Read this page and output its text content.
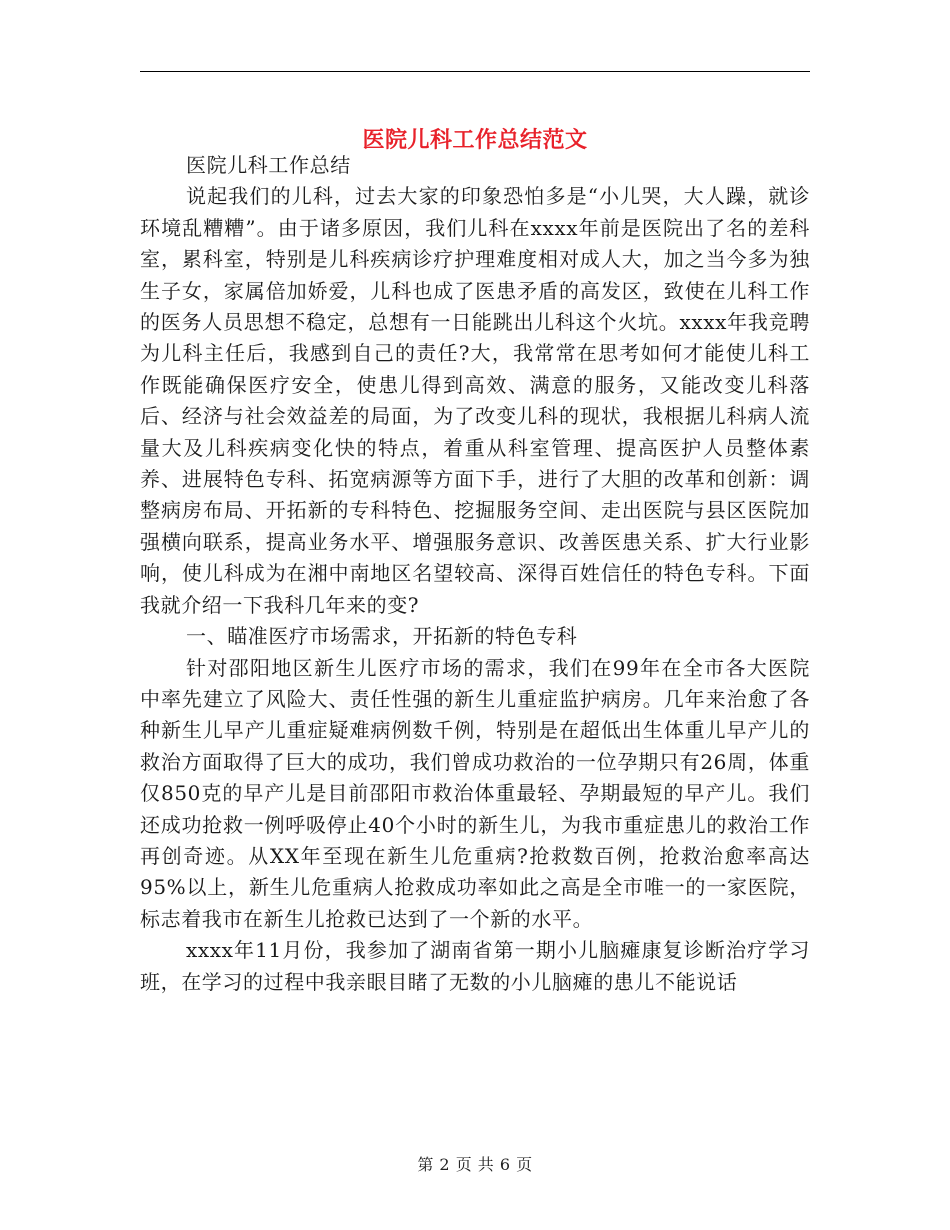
医院儿科工作总结范文

医院儿科工作总结

说起我们的儿科，过去大家的印象恐怕多是“小儿哭，大人躁，就诊环境乱糟糟”。由于诸多原因，我们儿科在xxxx年前是医院出了名的差科室，累科室，特别是儿科疾病诊疗护理难度相对成人大，加之当今多为独生子女，家属倍加娇爱，儿科也成了医患矛盾的高发区，致使在儿科工作的医务人员思想不稳定，总想有一日能跳出儿科这个火坑。xxxx年我竞聘为儿科主任后，我感到自己的责任?大，我常常在思考如何才能使儿科工作既能确保医疗安全，使患儿得到高效、满意的服务，又能改变儿科落后、经济与社会效益差的局面，为了改变儿科的现状，我根据儿科病人流量大及儿科疾病变化快的特点，着重从科室管理、提高医护人员整体素养、进展特色专科、拓宽病源等方面下手，进行了大胆的改革和创新：调整病房布局、开拓新的专科特色、挖掘服务空间、走出医院与县区医院加强横向联系，提高业务水平、增强服务意识、改善医患关系、扩大行业影响，使儿科成为在湘中南地区名望较高、深得百姓信任的特色专科。下面我就介绍一下我科几年来的变?

一、瞄准医疗市场需求，开拓新的特色专科

针对邵阳地区新生儿医疗市场的需求，我们在99年在全市各大医院中率先建立了风险大、责任性强的新生儿重症监护病房。几年来治愈了各种新生儿早产儿重症疑难病例数千例，特别是在超低出生体重儿早产儿的救治方面取得了巨大的成功，我们曾成功救治的一位孕期只有26周，体重仅850克的早产儿是目前邵阳市救治体重最轻、孕期最短的早产儿。我们还成功抢救一例呼吸停止40个小时的新生儿，为我市重症患儿的救治工作再创奇迹。从XX年至现在新生儿危重病?抢救数百例，抢救治愈率高达95%以上，新生儿危重病人抢救成功率如此之高是全市唯一的一家医院，标志着我市在新生儿抢救已达到了一个新的水平。

xxxx年11月份，我参加了湖南省第一期小儿脑瘫康复诊断治疗学习班，在学习的过程中我亲眼目睹了无数的小儿脑瘫的患儿不能说话

第 2 页 共 6 页
